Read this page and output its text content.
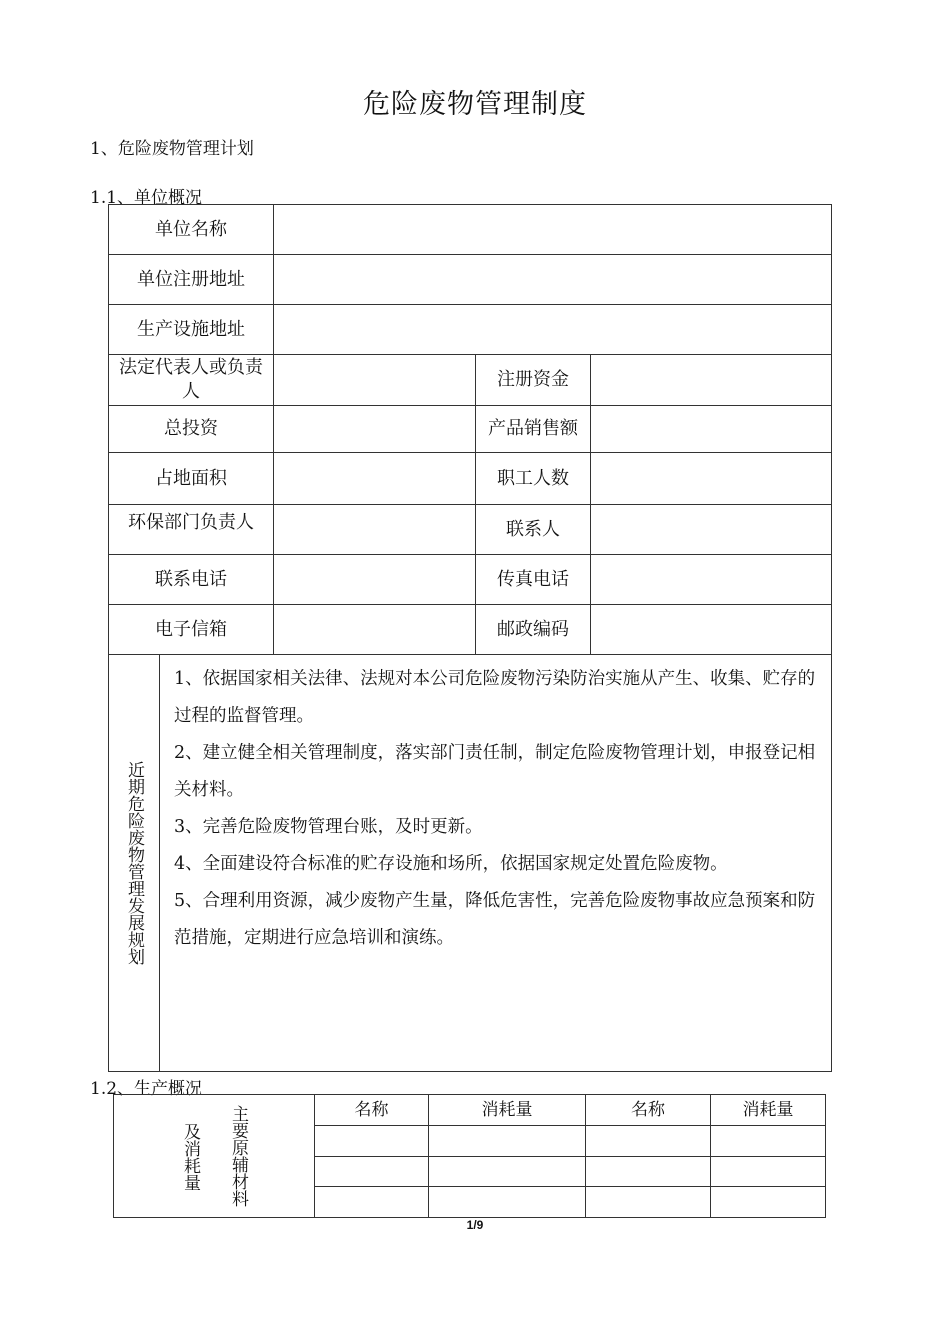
危险废物管理制度
1、危险废物管理计划
1.1、单位概况
单位名称				
单位注册地址				
生产设施地址				
法定代表人或负责人			注册资金	
总投资			产品销售额	
占地面积			职工人数	
环保部门负责人			联系人	
联系电话			传真电话	
电子信箱			邮政编码	

近期危险废物管理发展规划	1、依据国家相关法律、法规对本公司危险废物污染防治实施从产生、收集、贮存的过程的监督管理。

2、建立健全相关管理制度，落实部门责任制，制定危险废物管理计划，申报登记相关材料。

3、完善危险废物管理台账，及时更新。

4、全面建设符合标准的贮存设施和场所，依据国家规定处置危险废物。

5、合理利用资源，减少废物产生量，降低危害性，完善危险废物事故应急预案和防范措施，定期进行应急培训和演练。			

1.2、生产概况
及消耗量 主要原辅材料	名称	消耗量	名称	消耗量

1/9
